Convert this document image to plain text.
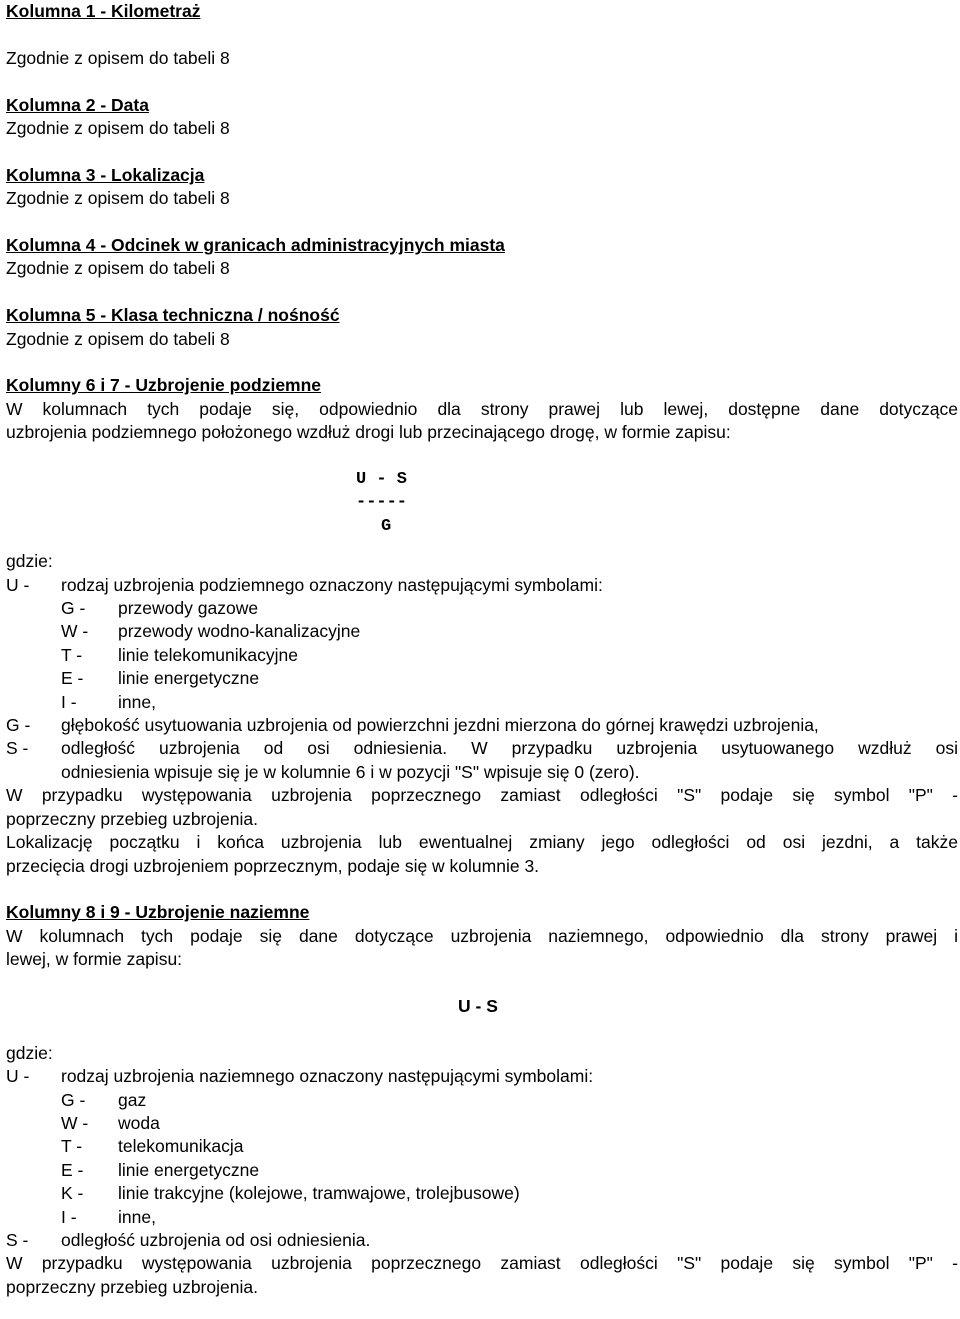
Kolumna 1 - Kilometraż

Zgodnie z opisem do tabeli 8

Kolumna 2 - Data

Zgodnie z opisem do tabeli 8

Kolumna 3 - Lokalizacja

Zgodnie z opisem do tabeli 8

Kolumna 4 - Odcinek w granicach administracyjnych miasta

Zgodnie z opisem do tabeli 8

Kolumna 5 - Klasa techniczna / nośność

Zgodnie z opisem do tabeli 8

Kolumny 6 i 7 - Uzbrojenie podziemne

W kolumnach tych podaje się, odpowiednio dla strony prawej lub lewej, dostępne dane dotyczące

uzbrojenia podziemnego położonego wzdłuż drogi lub przecinającego drogę, w formie zapisu:

U - S
-----
G

gdzie:

U -	rodzaj uzbrojenia podziemnego oznaczony następującymi symbolami:
G -	przewody gazowe
W -	przewody wodno-kanalizacyjne
T -	linie telekomunikacyjne
E -	linie energetyczne
I -	inne,
G -	głębokość usytuowania uzbrojenia od powierzchni jezdni mierzona do górnej krawędzi uzbrojenia,
S -	odległość uzbrojenia od osi odniesienia. W przypadku uzbrojenia usytuowanego wzdłuż osi
odniesienia wpisuje się je w kolumnie 6 i w pozycji "S" wpisuje się 0 (zero).

W przypadku występowania uzbrojenia poprzecznego zamiast odległości "S" podaje się symbol "P" -

poprzeczny przebieg uzbrojenia.

Lokalizację początku i końca uzbrojenia lub ewentualnej zmiany jego odległości od osi jezdni, a także

przecięcia drogi uzbrojeniem poprzecznym, podaje się w kolumnie 3.

Kolumny 8 i 9 - Uzbrojenie naziemne

W kolumnach tych podaje się dane dotyczące uzbrojenia naziemnego, odpowiednio dla strony prawej i

lewej, w formie zapisu:

U - S

gdzie:

U -	rodzaj uzbrojenia naziemnego oznaczony następującymi symbolami:
G -	gaz
W -	woda
T -	telekomunikacja
E -	linie energetyczne
K -	linie trakcyjne (kolejowe, tramwajowe, trolejbusowe)
I -	inne,
S -	odległość uzbrojenia od osi odniesienia.

W przypadku występowania uzbrojenia poprzecznego zamiast odległości "S" podaje się symbol "P" -

poprzeczny przebieg uzbrojenia.
